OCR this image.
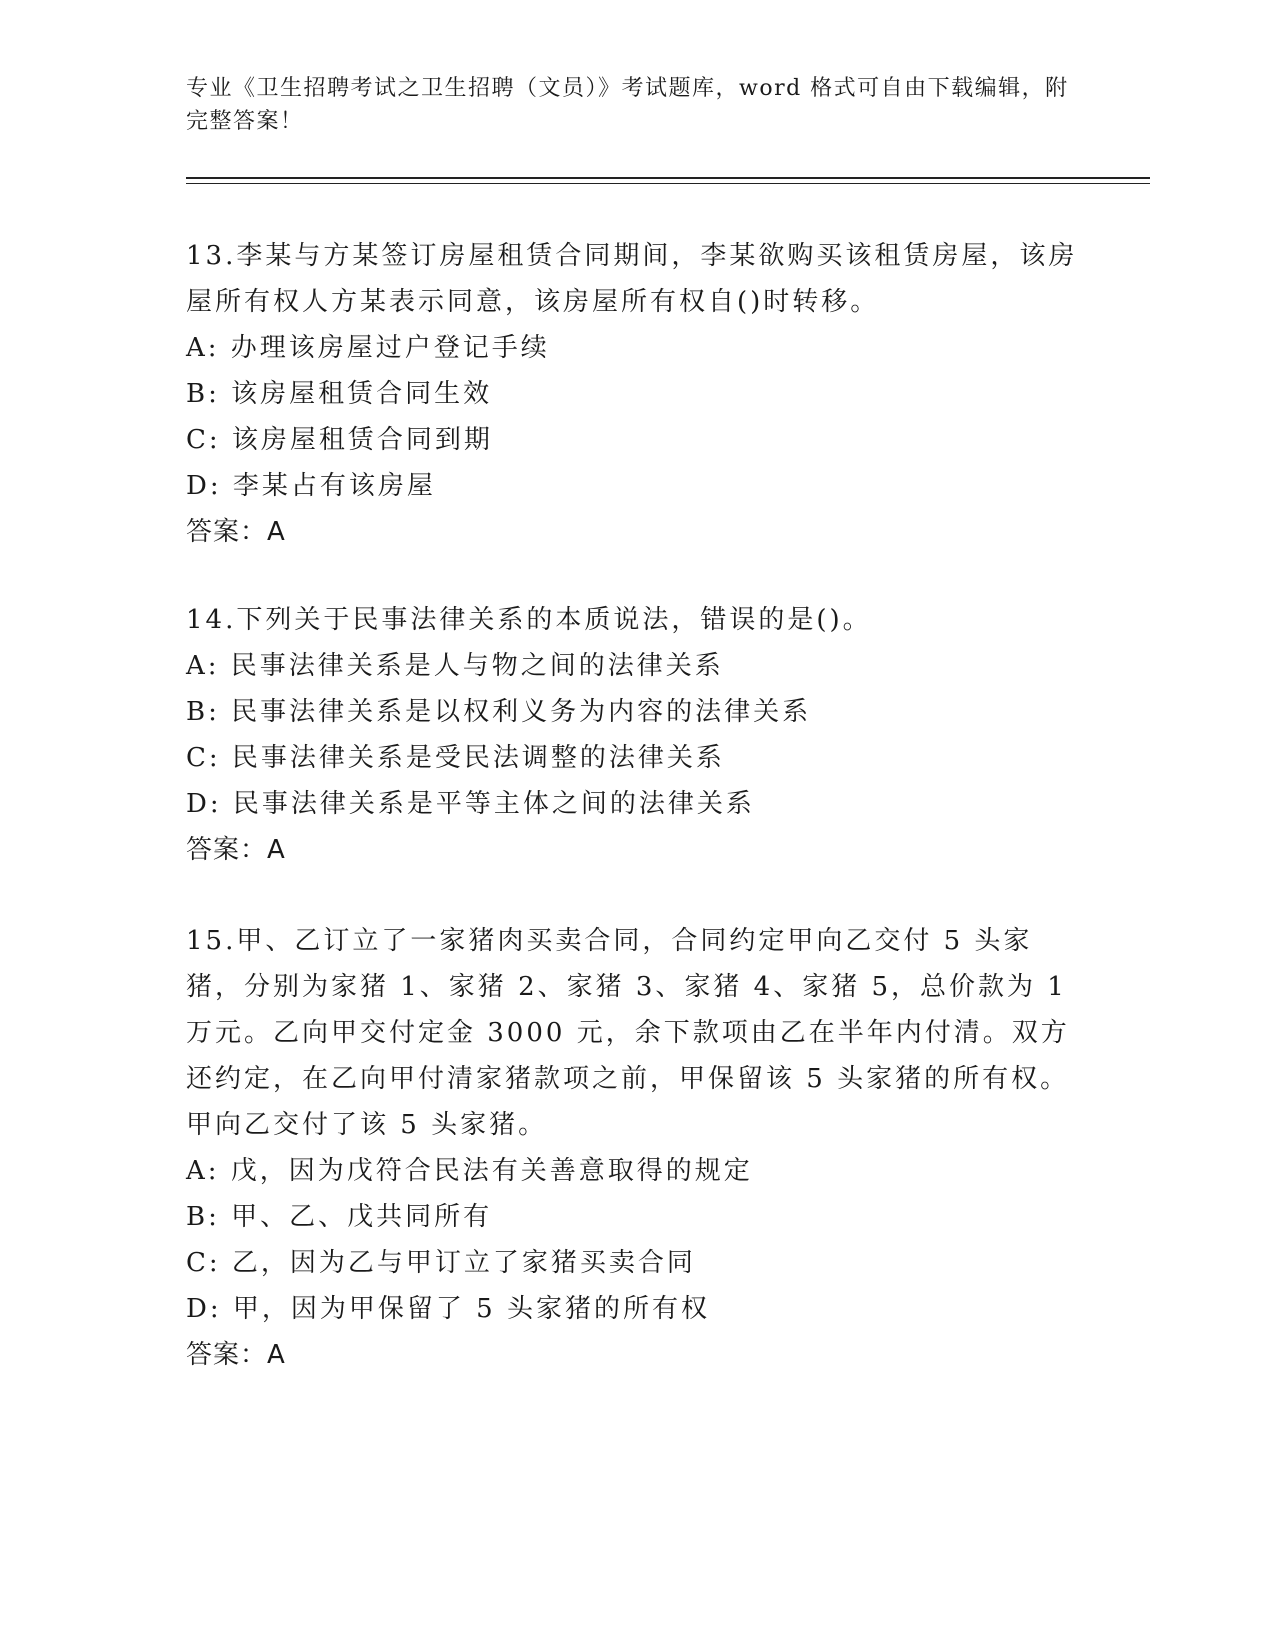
专业《卫生招聘考试之卫生招聘（文员）》考试题库，word 格式可自由下载编辑，附完整答案！

13.李某与方某签订房屋租赁合同期间，李某欲购买该租赁房屋，该房屋所有权人方某表示同意，该房屋所有权自()时转移。

A: 办理该房屋过户登记手续

B: 该房屋租赁合同生效

C: 该房屋租赁合同到期

D: 李某占有该房屋

答案：A

14.下列关于民事法律关系的本质说法，错误的是()。

A: 民事法律关系是人与物之间的法律关系

B: 民事法律关系是以权利义务为内容的法律关系

C: 民事法律关系是受民法调整的法律关系

D: 民事法律关系是平等主体之间的法律关系

答案：A

15.甲、乙订立了一家猪肉买卖合同，合同约定甲向乙交付 5 头家猪，分别为家猪 1、家猪 2、家猪 3、家猪 4、家猪 5，总价款为 1 万元。乙向甲交付定金 3000 元，余下款项由乙在半年内付清。双方还约定，在乙向甲付清家猪款项之前，甲保留该 5 头家猪的所有权。甲向乙交付了该 5 头家猪。

A: 戊，因为戊符合民法有关善意取得的规定

B: 甲、乙、戊共同所有

C: 乙，因为乙与甲订立了家猪买卖合同

D: 甲，因为甲保留了 5 头家猪的所有权

答案：A
